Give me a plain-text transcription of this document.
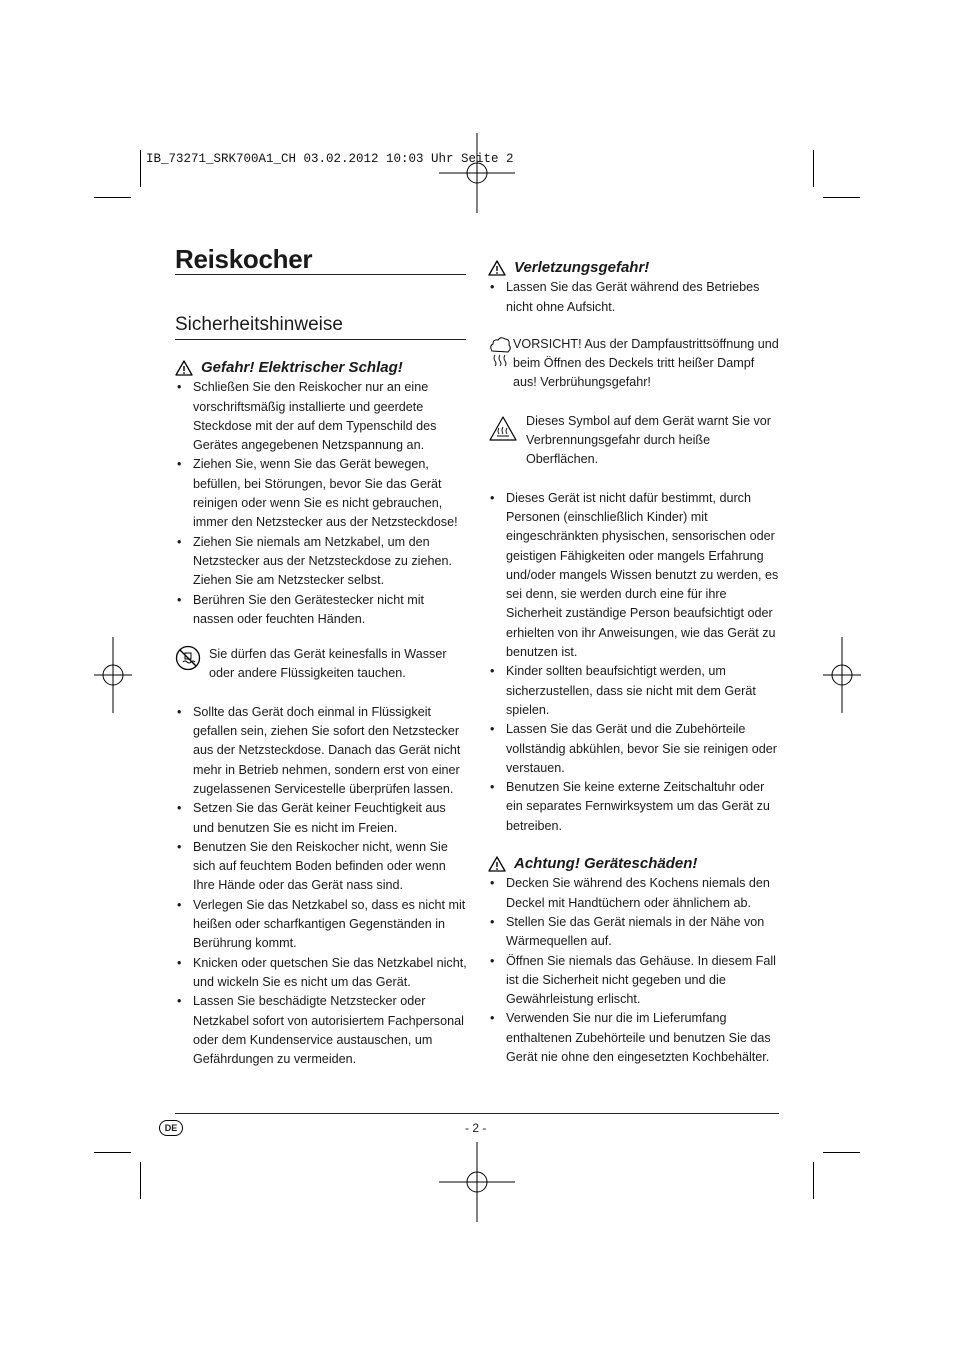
IB_73271_SRK700A1_CH 03.02.2012 10:03 Uhr Seite 2
Reiskocher
Sicherheitshinweise
Gefahr! Elektrischer Schlag!
• Schließen Sie den Reiskocher nur an eine vorschriftsmäßig installierte und geerdete Steckdose mit der auf dem Typenschild des Gerätes angegebenen Netzspannung an.
• Ziehen Sie, wenn Sie das Gerät bewegen, befüllen, bei Störungen, bevor Sie das Gerät reinigen oder wenn Sie es nicht gebrauchen, immer den Netzstecker aus der Netzsteckdose!
• Ziehen Sie niemals am Netzkabel, um den Netzstecker aus der Netzsteckdose zu ziehen. Ziehen Sie am Netzstecker selbst.
• Berühren Sie den Gerätestecker nicht mit nassen oder feuchten Händen.
Sie dürfen das Gerät keinesfalls in Wasser oder andere Flüssigkeiten tauchen.
• Sollte das Gerät doch einmal in Flüssigkeit gefallen sein, ziehen Sie sofort den Netzstecker aus der Netzsteckdose. Danach das Gerät nicht mehr in Betrieb nehmen, sondern erst von einer zugelassenen Servicestelle überprüfen lassen.
• Setzen Sie das Gerät keiner Feuchtigkeit aus und benutzen Sie es nicht im Freien.
• Benutzen Sie den Reiskocher nicht, wenn Sie sich auf feuchtem Boden befinden oder wenn Ihre Hände oder das Gerät nass sind.
• Verlegen Sie das Netzkabel so, dass es nicht mit heißen oder scharfkantigen Gegenständen in Berührung kommt.
• Knicken oder quetschen Sie das Netzkabel nicht, und wickeln Sie es nicht um das Gerät.
• Lassen Sie beschädigte Netzstecker oder Netzkabel sofort von autorisiertem Fachpersonal oder dem Kundenservice austauschen, um Gefährdungen zu vermeiden.
Verletzungsgefahr!
• Lassen Sie das Gerät während des Betriebes nicht ohne Aufsicht.
VORSICHT! Aus der Dampfaustrittsöffnung und beim Öffnen des Deckels tritt heißer Dampf aus! Verbrühungsgefahr!
Dieses Symbol auf dem Gerät warnt Sie vor Verbrennungsgefahr durch heiße Oberflächen.
• Dieses Gerät ist nicht dafür bestimmt, durch Personen (einschließlich Kinder) mit eingeschränkten physischen, sensorischen oder geistigen Fähigkeiten oder mangels Erfahrung und/oder mangels Wissen benutzt zu werden, es sei denn, sie werden durch eine für ihre Sicherheit zuständige Person beaufsichtigt oder erhielten von ihr Anweisungen, wie das Gerät zu benutzen ist.
• Kinder sollten beaufsichtigt werden, um sicherzustellen, dass sie nicht mit dem Gerät spielen.
• Lassen Sie das Gerät und die Zubehörteile vollständig abkühlen, bevor Sie sie reinigen oder verstauen.
• Benutzen Sie keine externe Zeitschaltuhr oder ein separates Fernwirksystem um das Gerät zu betreiben.
Achtung! Geräteschäden!
• Decken Sie während des Kochens niemals den Deckel mit Handtüchern oder ähnlichem ab.
• Stellen Sie das Gerät niemals in der Nähe von Wärmequellen auf.
• Öffnen Sie niemals das Gehäuse. In diesem Fall ist die Sicherheit nicht gegeben und die Gewährleistung erlischt.
• Verwenden Sie nur die im Lieferumfang enthaltenen Zubehörteile und benutzen Sie das Gerät nie ohne den eingesetzten Kochbehälter.
DE	- 2 -
